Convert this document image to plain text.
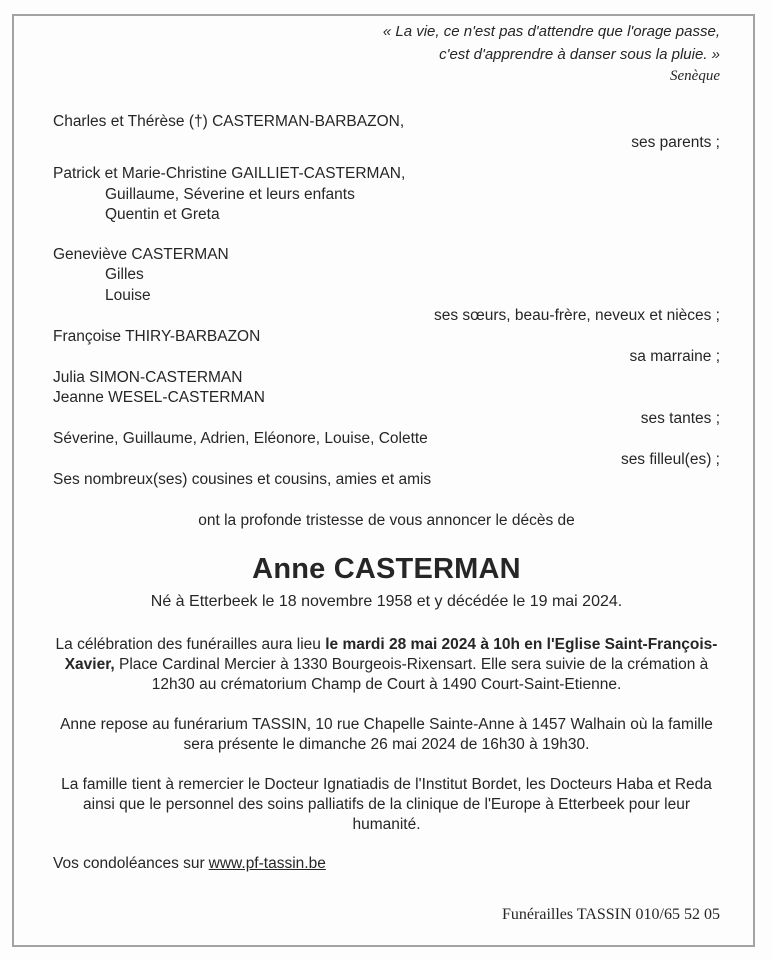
« La vie, ce n'est pas d'attendre que l'orage passe,
c'est d'apprendre à danser sous la pluie. »
Senèque
Charles et Thérèse (†) CASTERMAN-BARBAZON,
ses parents ;
Patrick et Marie-Christine GAILLIET-CASTERMAN,
Guillaume, Séverine et leurs enfants
Quentin et Greta
Geneviève CASTERMAN
Gilles
Louise
ses sœurs, beau-frère, neveux et nièces ;
Françoise THIRY-BARBAZON
sa marraine ;
Julia SIMON-CASTERMAN
Jeanne WESEL-CASTERMAN
ses tantes ;
Séverine, Guillaume, Adrien, Eléonore, Louise, Colette
ses filleul(es) ;
Ses nombreux(ses) cousines et cousins, amies et amis
ont la profonde tristesse de vous annoncer le décès de
Anne CASTERMAN
Né à Etterbeek le 18 novembre 1958 et y décédée le 19 mai 2024.

La célébration des funérailles aura lieu le mardi 28 mai 2024 à 10h en l'Eglise Saint-François-Xavier, Place Cardinal Mercier à 1330 Bourgeois-Rixensart. Elle sera suivie de la crémation à 12h30 au crématorium Champ de Court à 1490 Court-Saint-Etienne.

Anne repose au funérarium TASSIN, 10 rue Chapelle Sainte-Anne à 1457 Walhain où la famille sera présente le dimanche 26 mai 2024 de 16h30 à 19h30.

La famille tient à remercier le Docteur Ignatiadis de l'Institut Bordet, les Docteurs Haba et Reda ainsi que le personnel des soins palliatifs de la clinique de l'Europe à Etterbeek pour leur humanité.

Vos condoléances sur www.pf-tassin.be

Funérailles TASSIN 010/65 52 05
